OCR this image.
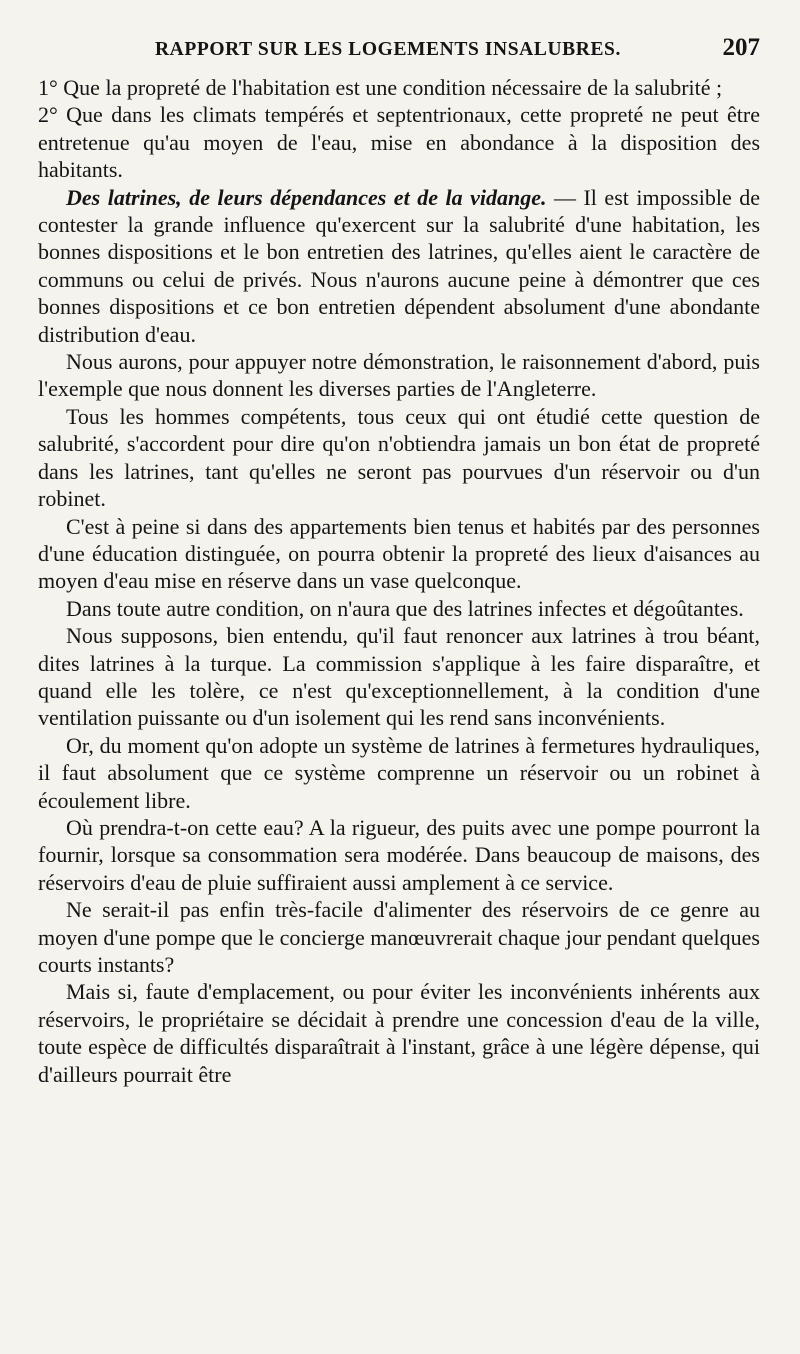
RAPPORT SUR LES LOGEMENTS INSALUBRES.	207

1° Que la propreté de l'habitation est une condition nécessaire de la salubrité ;

2° Que dans les climats tempérés et septentrionaux, cette propreté ne peut être entretenue qu'au moyen de l'eau, mise en abondance à la disposition des habitants.

Des latrines, de leurs dépendances et de la vidange. — Il est impossible de contester la grande influence qu'exercent sur la salubrité d'une habitation, les bonnes dispositions et le bon entretien des latrines, qu'elles aient le caractère de communs ou celui de privés. Nous n'aurons aucune peine à démontrer que ces bonnes dispositions et ce bon entretien dépendent absolument d'une abondante distribution d'eau.

Nous aurons, pour appuyer notre démonstration, le raisonnement d'abord, puis l'exemple que nous donnent les diverses parties de l'Angleterre.

Tous les hommes compétents, tous ceux qui ont étudié cette question de salubrité, s'accordent pour dire qu'on n'obtiendra jamais un bon état de propreté dans les latrines, tant qu'elles ne seront pas pourvues d'un réservoir ou d'un robinet.

C'est à peine si dans des appartements bien tenus et habités par des personnes d'une éducation distinguée, on pourra obtenir la propreté des lieux d'aisances au moyen d'eau mise en réserve dans un vase quelconque.

Dans toute autre condition, on n'aura que des latrines infectes et dégoûtantes.

Nous supposons, bien entendu, qu'il faut renoncer aux latrines à trou béant, dites latrines à la turque. La commission s'applique à les faire disparaître, et quand elle les tolère, ce n'est qu'exceptionnellement, à la condition d'une ventilation puissante ou d'un isolement qui les rend sans inconvénients.

Or, du moment qu'on adopte un système de latrines à fermetures hydrauliques, il faut absolument que ce système comprenne un réservoir ou un robinet à écoulement libre.

Où prendra-t-on cette eau? A la rigueur, des puits avec une pompe pourront la fournir, lorsque sa consommation sera modérée. Dans beaucoup de maisons, des réservoirs d'eau de pluie suffiraient aussi amplement à ce service.

Ne serait-il pas enfin très-facile d'alimenter des réservoirs de ce genre au moyen d'une pompe que le concierge manœuvrerait chaque jour pendant quelques courts instants?

Mais si, faute d'emplacement, ou pour éviter les inconvénients inhérents aux réservoirs, le propriétaire se décidait à prendre une concession d'eau de la ville, toute espèce de difficultés disparaîtrait à l'instant, grâce à une légère dépense, qui d'ailleurs pourrait être
